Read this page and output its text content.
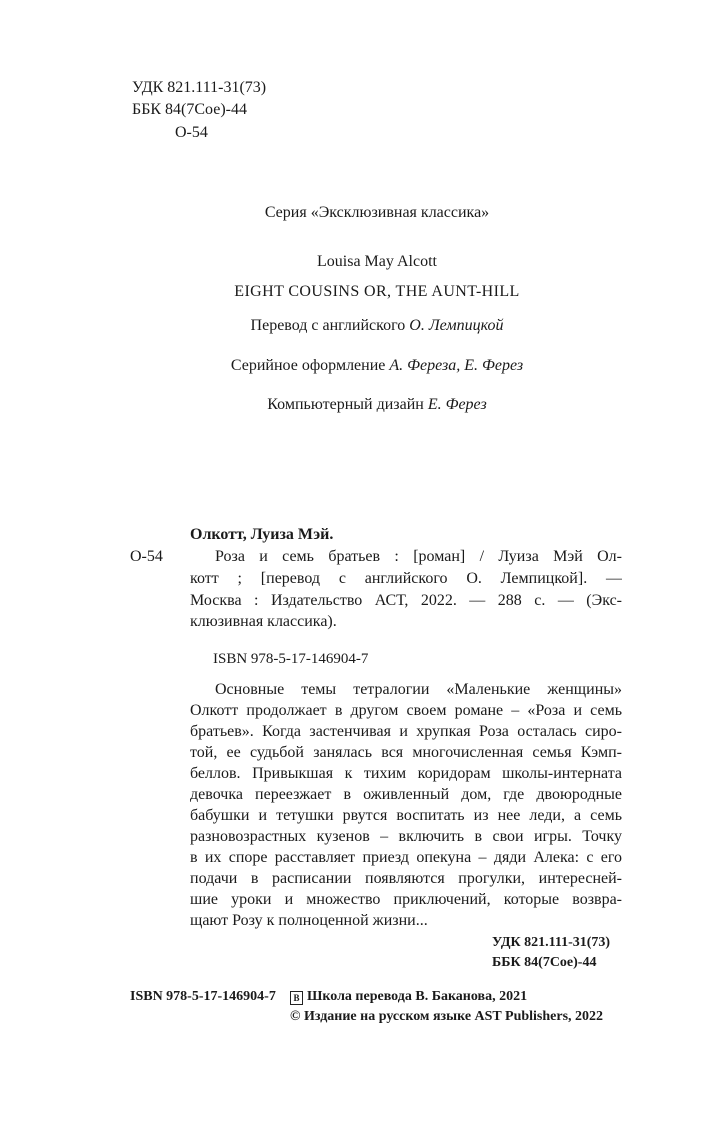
УДК 821.111-31(73)
ББК 84(7Сое)-44
О-54
Серия «Эксклюзивная классика»
Louisa May Alcott
EIGHT COUSINS OR, THE AUNT-HILL
Перевод с английского О. Лемпицкой
Серийное оформление А. Фереза, Е. Ферез
Компьютерный дизайн Е. Ферез
Олкотт, Луиза Мэй.
О-54	Роза и семь братьев : [роман] / Луиза Мэй Ол-
котт ; [перевод с английского О. Лемпицкой]. —
Москва : Издательство АСТ, 2022. — 288 с. — (Экс-
клюзивная классика).
ISBN 978-5-17-146904-7
Основные темы тетралогии «Маленькие женщины»
Олкотт продолжает в другом своем романе – «Роза и семь
братьев». Когда застенчивая и хрупкая Роза осталась сиро-
той, ее судьбой занялась вся многочисленная семья Кэмп-
беллов. Привыкшая к тихим коридорам школы-интерната
девочка переезжает в оживленный дом, где двоюродные
бабушки и тетушки рвутся воспитать из нее леди, а семь
разновозрастных кузенов – включить в свои игры. Точку
в их споре расставляет приезд опекуна – дяди Алека: с его
подачи в расписании появляются прогулки, интересней-
шие уроки и множество приключений, которые возвра-
щают Розу к полноценной жизни...
УДК 821.111-31(73)
ББК 84(7Сое)-44
ISBN 978-5-17-146904-7	B Школа перевода В. Баканова, 2021
© Издание на русском языке AST Publishers, 2022
